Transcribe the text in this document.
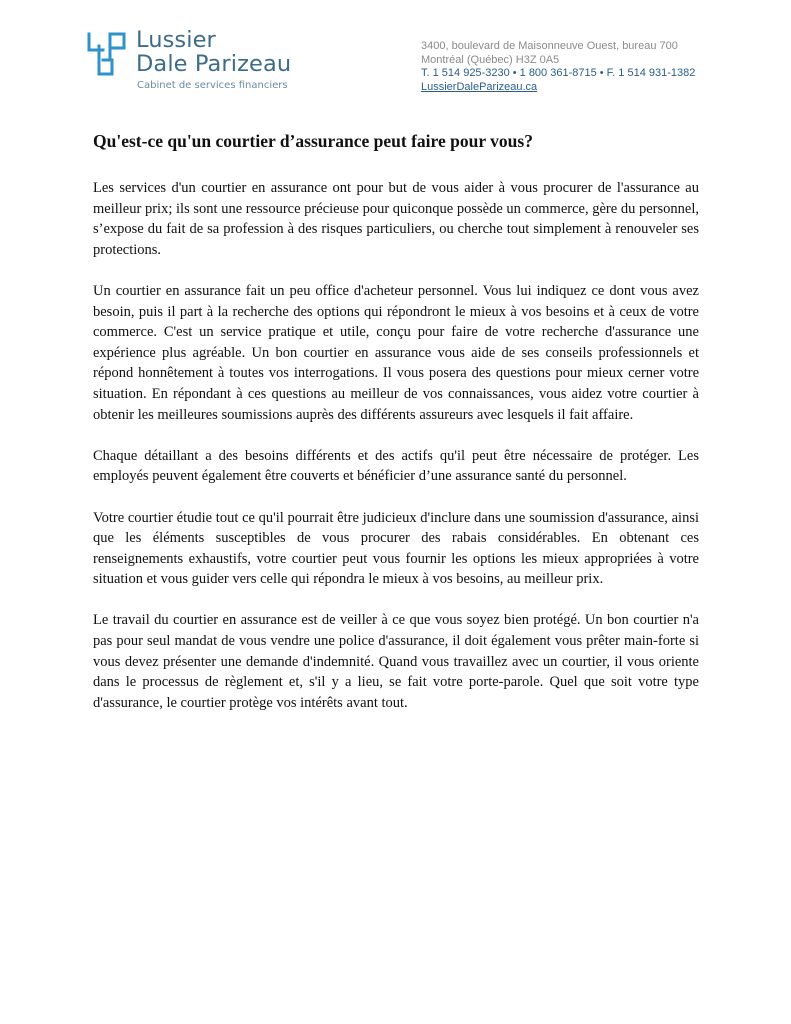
Lussier
Dale Parizeau
Cabinet de services financiers
3400, boulevard de Maisonneuve Ouest, bureau 700
Montréal (Québec) H3Z 0A5
T. 1 514 925-3230 • 1 800 361-8715 • F. 1 514 931-1382
LussierDaleParizeau.ca
Qu'est-ce qu'un courtier d’assurance peut faire pour vous?

Les services d'un courtier en assurance ont pour but de vous aider à vous procurer de l'assurance au meilleur prix; ils sont une ressource précieuse pour quiconque possède un commerce, gère du personnel, s’expose du fait de sa profession à des risques particuliers, ou cherche tout simplement à renouveler ses protections.

Un courtier en assurance fait un peu office d'acheteur personnel. Vous lui indiquez ce dont vous avez besoin, puis il part à la recherche des options qui répondront le mieux à vos besoins et à ceux de votre commerce. C'est un service pratique et utile, conçu pour faire de votre recherche d'assurance une expérience plus agréable. Un bon courtier en assurance vous aide de ses conseils professionnels et répond honnêtement à toutes vos interrogations. Il vous posera des questions pour mieux cerner votre situation. En répondant à ces questions au meilleur de vos connaissances, vous aidez votre courtier à obtenir les meilleures soumissions auprès des différents assureurs avec lesquels il fait affaire.

Chaque détaillant a des besoins différents et des actifs qu'il peut être nécessaire de protéger. Les employés peuvent également être couverts et bénéficier d’une assurance santé du personnel.

Votre courtier étudie tout ce qu'il pourrait être judicieux d'inclure dans une soumission d'assurance, ainsi que les éléments susceptibles de vous procurer des rabais considérables. En obtenant ces renseignements exhaustifs, votre courtier peut vous fournir les options les mieux appropriées à votre situation et vous guider vers celle qui répondra le mieux à vos besoins, au meilleur prix.

Le travail du courtier en assurance est de veiller à ce que vous soyez bien protégé. Un bon courtier n'a pas pour seul mandat de vous vendre une police d'assurance, il doit également vous prêter main-forte si vous devez présenter une demande d'indemnité. Quand vous travaillez avec un courtier, il vous oriente dans le processus de règlement et, s'il y a lieu, se fait votre porte-parole. Quel que soit votre type d'assurance, le courtier protège vos intérêts avant tout.
